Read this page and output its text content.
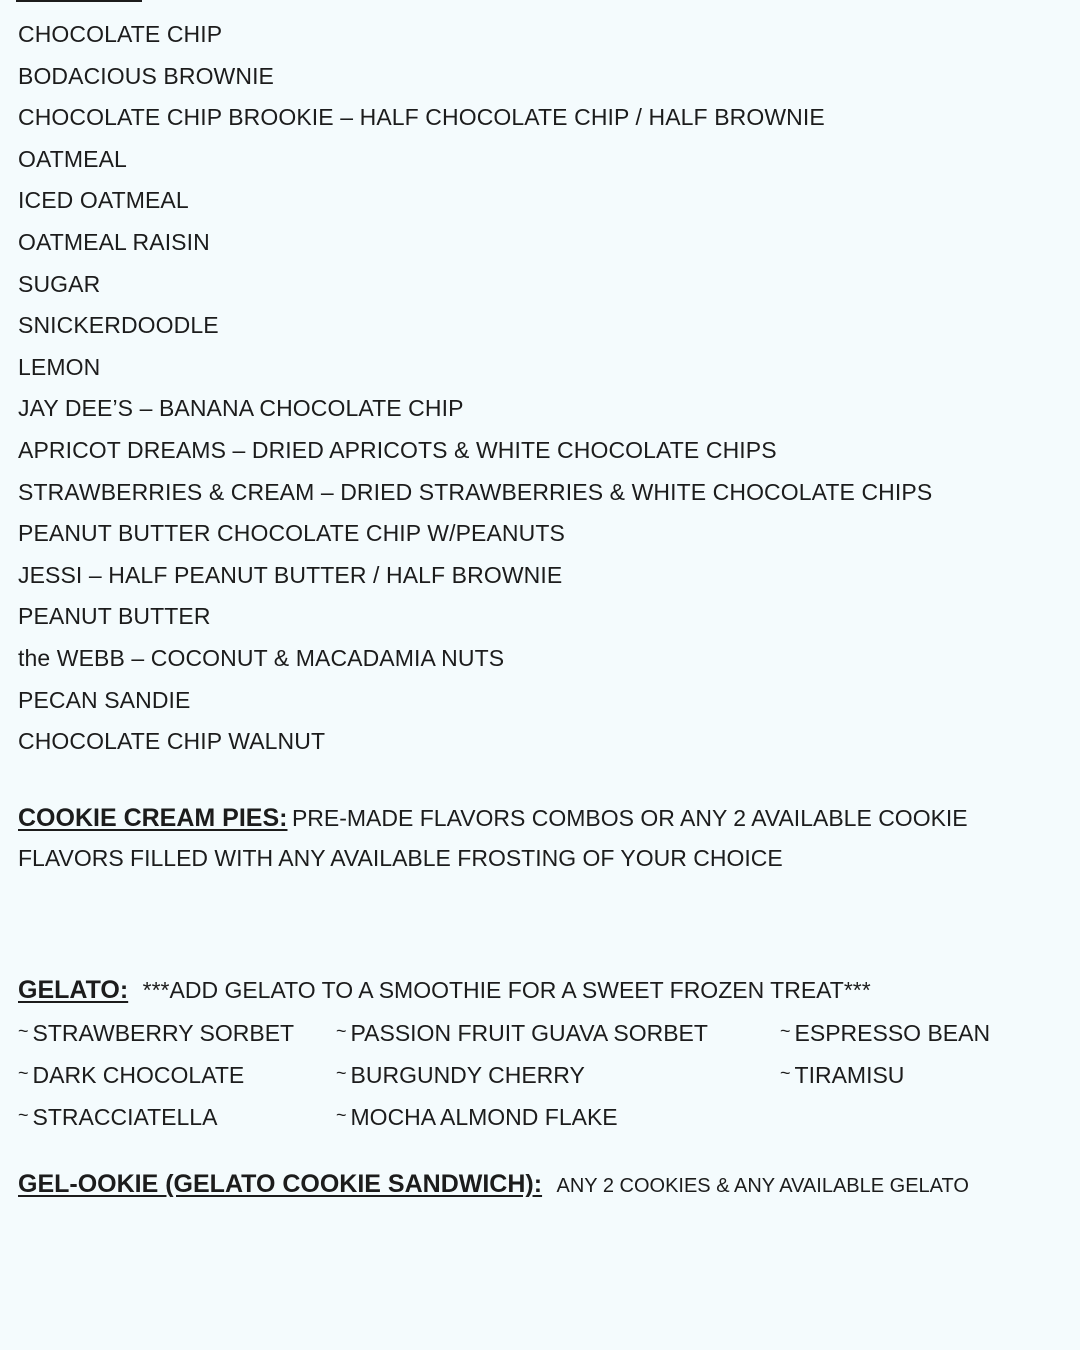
CHOCOLATE CHIP
BODACIOUS BROWNIE
CHOCOLATE CHIP BROOKIE – HALF CHOCOLATE CHIP / HALF BROWNIE
OATMEAL
ICED OATMEAL
OATMEAL RAISIN
SUGAR
SNICKERDOODLE
LEMON
JAY DEE’S – BANANA CHOCOLATE CHIP
APRICOT DREAMS – DRIED APRICOTS & WHITE CHOCOLATE CHIPS
STRAWBERRIES & CREAM – DRIED STRAWBERRIES & WHITE CHOCOLATE CHIPS
PEANUT BUTTER CHOCOLATE CHIP W/PEANUTS
JESSI – HALF PEANUT BUTTER / HALF BROWNIE
PEANUT BUTTER
the WEBB – COCONUT & MACADAMIA NUTS
PECAN SANDIE
CHOCOLATE CHIP WALNUT
COOKIE CREAM PIES: PRE-MADE FLAVORS COMBOS OR ANY 2 AVAILABLE COOKIE FLAVORS FILLED WITH ANY AVAILABLE FROSTING OF YOUR CHOICE
GELATO: ***ADD GELATO TO A SMOOTHIE FOR A SWEET FROZEN TREAT***
~ STRAWBERRY SORBET ~ PASSION FRUIT GUAVA SORBET	~ ESPRESSO BEAN
~ DARK CHOCOLATE	~ BURGUNDY CHERRY	~ TIRAMISU
~ STRACCIATELLA	~ MOCHA ALMOND FLAKE
GEL-OOKIE (GELATO COOKIE SANDWICH): ANY 2 COOKIES & ANY AVAILABLE GELATO
